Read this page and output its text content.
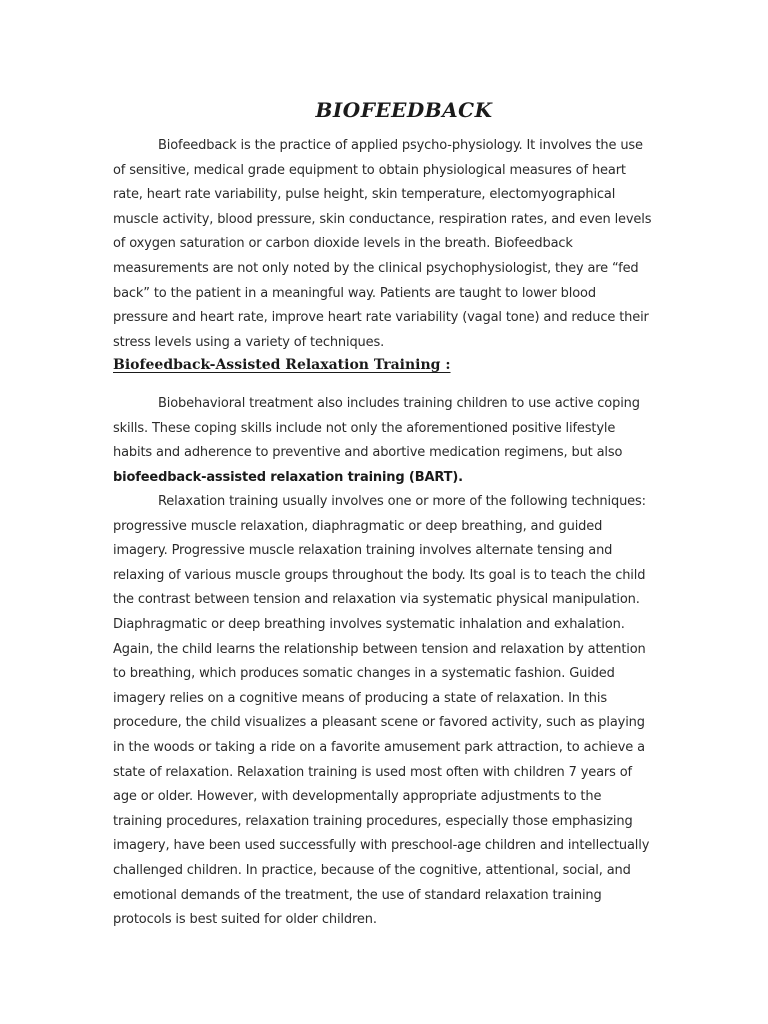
BIOFEEDBACK

Biofeedback is the practice of applied psycho-physiology. It involves the use of sensitive, medical grade equipment to obtain physiological measures of heart rate, heart rate variability, pulse height, skin temperature, electomyographical muscle activity, blood pressure, skin conductance, respiration rates, and even levels of oxygen saturation or carbon dioxide levels in the breath. Biofeedback measurements are not only noted by the clinical psychophysiologist, they are “fed back” to the patient in a meaningful way. Patients are taught to lower blood pressure and heart rate, improve heart rate variability (vagal tone) and reduce their stress levels using a variety of techniques.

Biofeedback-Assisted Relaxation Training :

Biobehavioral treatment also includes training children to use active coping skills. These coping skills include not only the aforementioned positive lifestyle habits and adherence to preventive and abortive medication regimens, but also biofeedback-assisted relaxation training (BART).

Relaxation training usually involves one or more of the following techniques: progressive muscle relaxation, diaphragmatic or deep breathing, and guided imagery. Progressive muscle relaxation training involves alternate tensing and relaxing of various muscle groups throughout the body. Its goal is to teach the child the contrast between tension and relaxation via systematic physical manipulation. Diaphragmatic or deep breathing involves systematic inhalation and exhalation. Again, the child learns the relationship between tension and relaxation by attention to breathing, which produces somatic changes in a systematic fashion. Guided imagery relies on a cognitive means of producing a state of relaxation. In this procedure, the child visualizes a pleasant scene or favored activity, such as playing in the woods or taking a ride on a favorite amusement park attraction, to achieve a state of relaxation. Relaxation training is used most often with children 7 years of age or older. However, with developmentally appropriate adjustments to the training procedures, relaxation training procedures, especially those emphasizing imagery, have been used successfully with preschool-age children and intellectually challenged children. In practice, because of the cognitive, attentional, social, and emotional demands of the treatment, the use of standard relaxation training protocols is best suited for older children.
